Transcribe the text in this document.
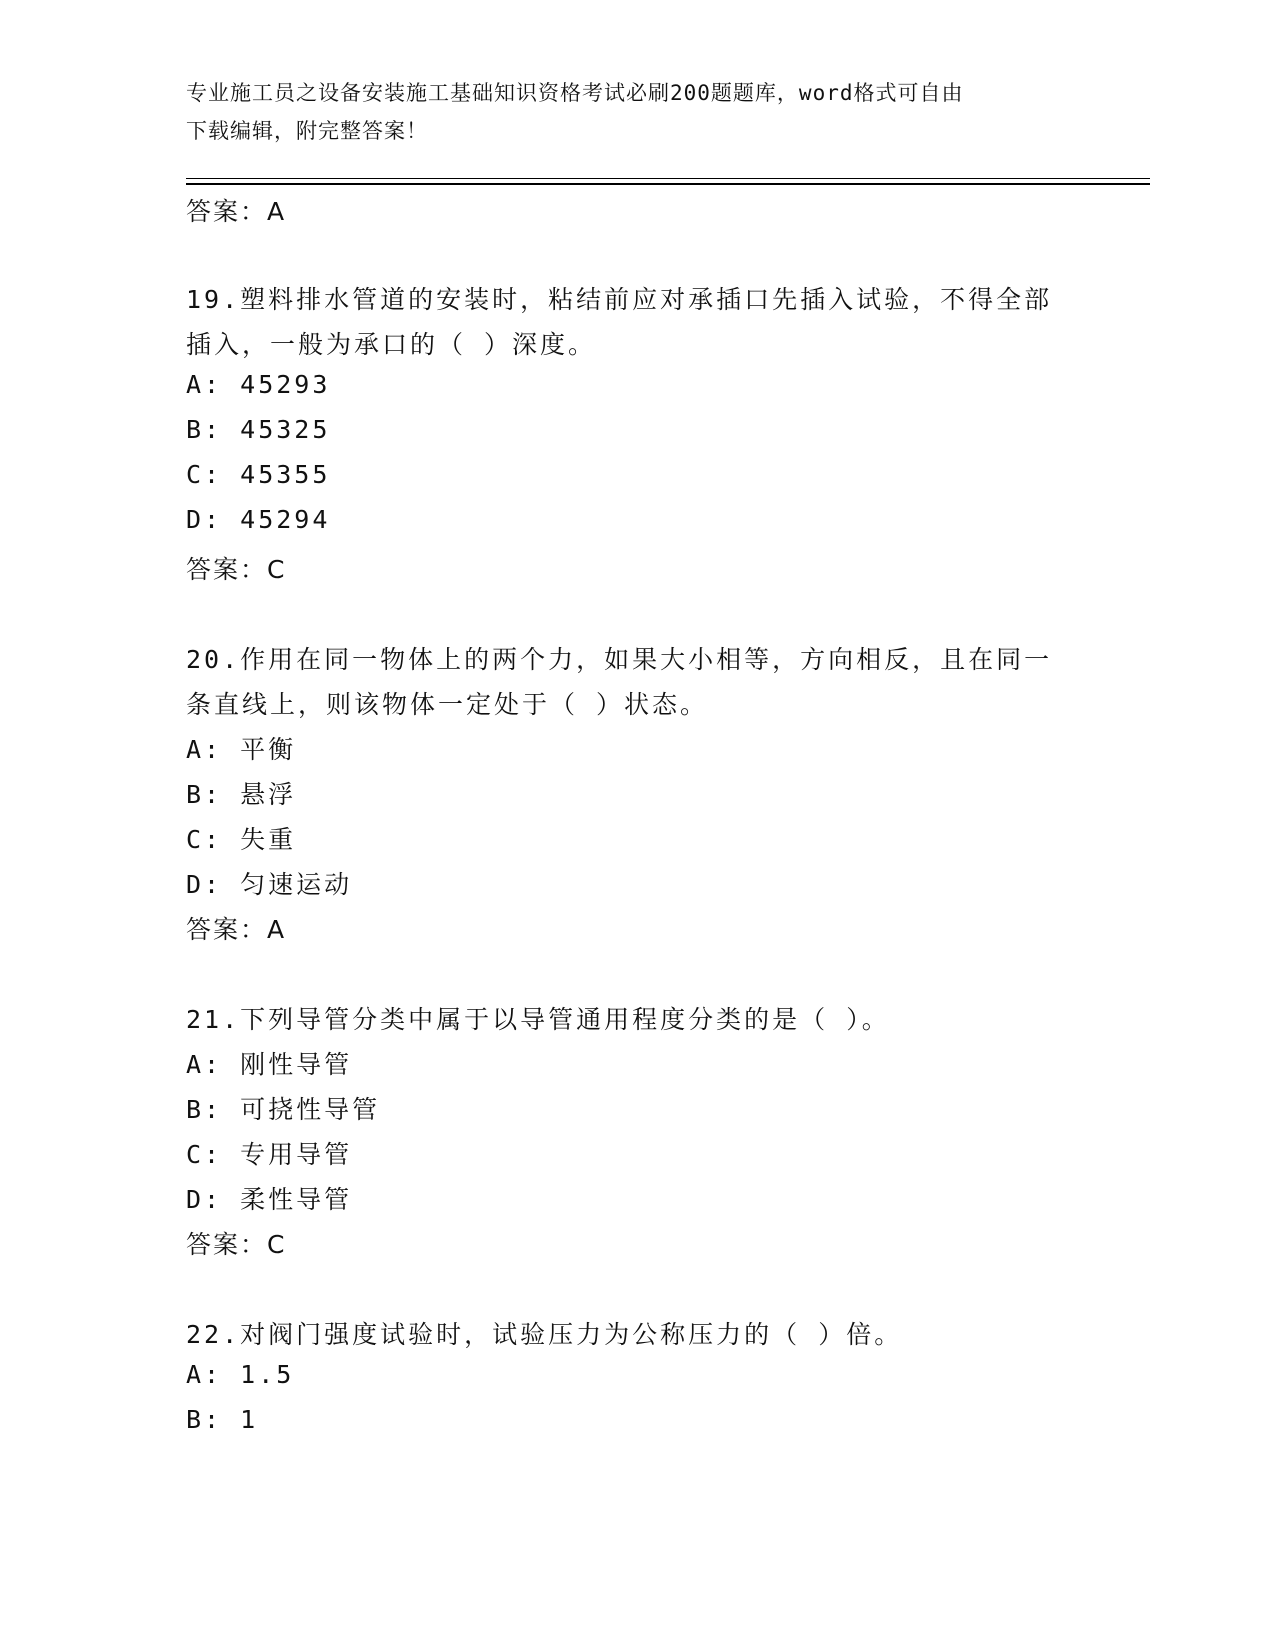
专业施工员之设备安装施工基础知识资格考试必刷200题题库，word格式可自由
下载编辑，附完整答案！
答案：A
19.塑料排水管道的安装时，粘结前应对承插口先插入试验，不得全部
插入，一般为承口的（ ）深度。
A: 45293
B: 45325
C: 45355
D: 45294
答案：C
20.作用在同一物体上的两个力，如果大小相等，方向相反，且在同一
条直线上，则该物体一定处于（ ）状态。
A: 平衡
B: 悬浮
C: 失重
D: 匀速运动
答案：A
21.下列导管分类中属于以导管通用程度分类的是（ ）。
A: 刚性导管
B: 可挠性导管
C: 专用导管
D: 柔性导管
答案：C
22.对阀门强度试验时，试验压力为公称压力的（ ）倍。
A: 1.5
B: 1
